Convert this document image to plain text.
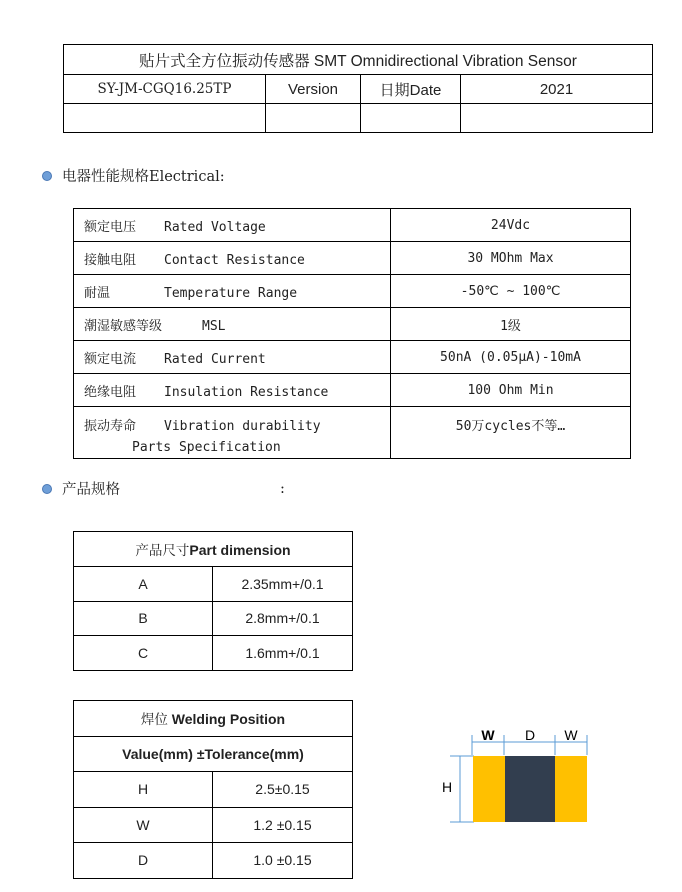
贴片式全方位振动传感器 SMT Omnidirectional Vibration Sensor			
SY-JM-CGQ16.25TP	Version	日期Date	2021

电器性能规格Electrical:
额定电压 Rated Voltage	24Vdc
接触电阻 Contact Resistance	30 MOhm Max
耐温 Temperature Range	-50℃ ~ 100℃
潮湿敏感等级 MSL	1级
额定电流 Rated Current	50nA (0.05μA)-10mA
绝缘电阻 Insulation Resistance	100 Ohm Min
振动寿命 Vibration durability
Parts Specification	50万cycles不等…
产品规格	:
产品尺寸Part dimension	
A	2.35mm+/0.1
B	2.8mm+/0.1
C	1.6mm+/0.1
焊位 Welding Position	
Value(mm) ±Tolerance(mm)	
H	2.5±0.15
W	1.2 ±0.15
D	1.0 ±0.15
W D W
H
